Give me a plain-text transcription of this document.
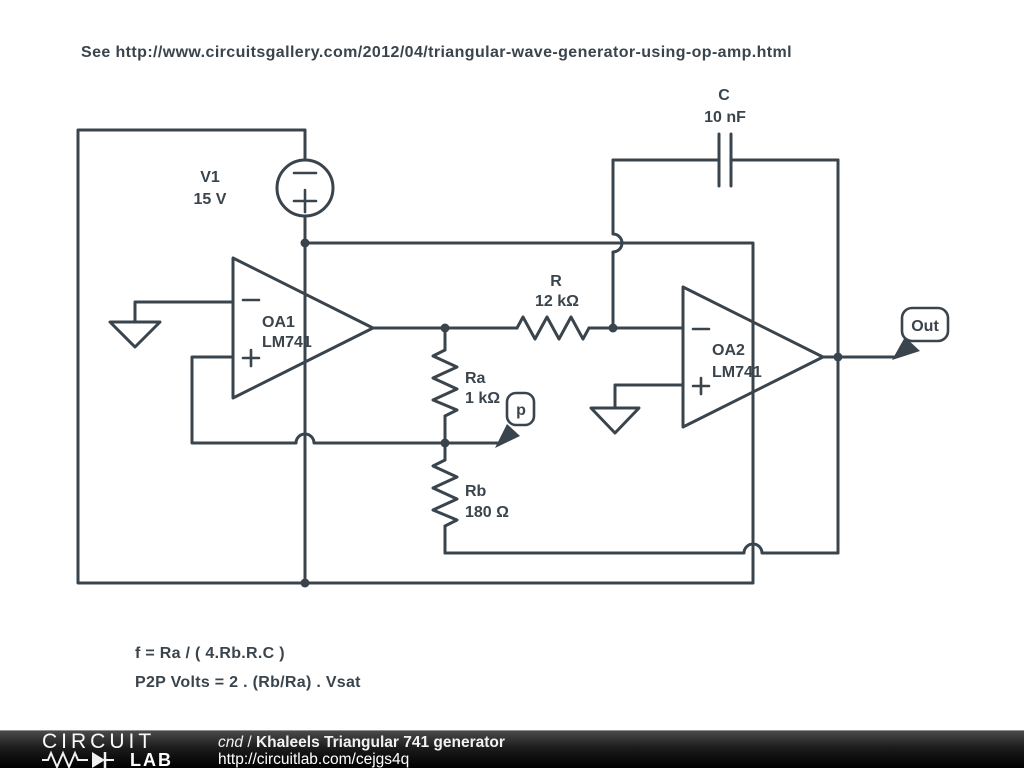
See http://www.circuitsgallery.com/2012/04/triangular-wave-generator-using-op-amp.html
p
Out
V1
15 V
OA1
LM741	OA2
LM741
R
12 kΩ
Ra
1 kΩ
Rb
180 Ω
C
10 nF
f = Ra / ( 4.Rb.R.C )
P2P Volts = 2 . (Rb/Ra) . Vsat
CIRCUIT
LAB
cnd / Khaleels Triangular 741 generator
http://circuitlab.com/cejgs4q
